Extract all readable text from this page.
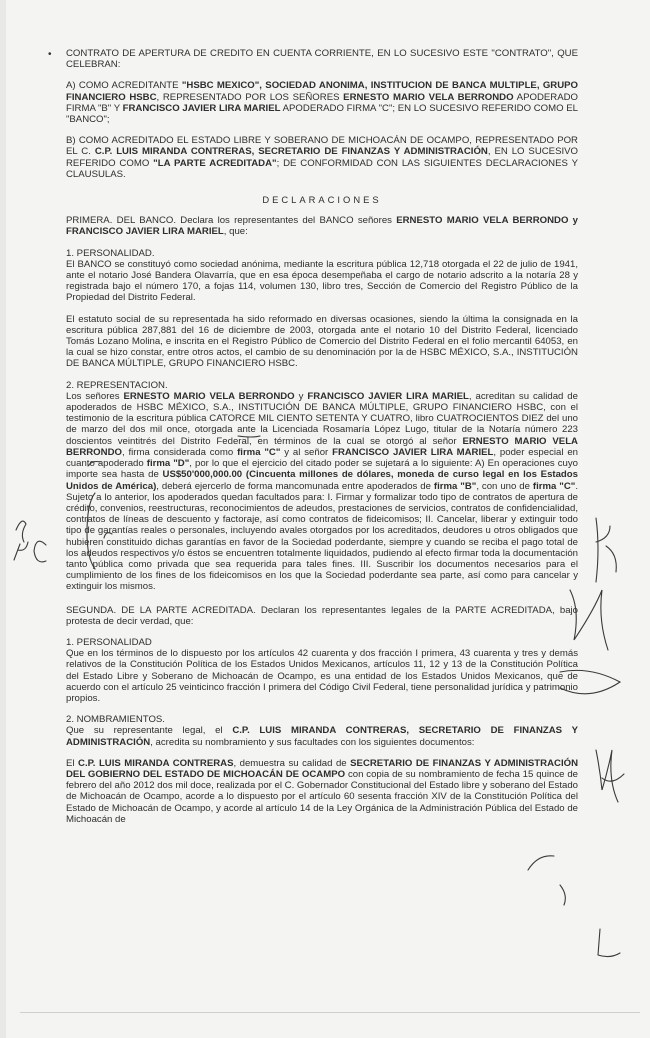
• CONTRATO DE APERTURA DE CREDITO EN CUENTA CORRIENTE, EN LO SUCESIVO ESTE "CONTRATO", QUE CELEBRAN:

A) COMO ACREDITANTE "HSBC MEXICO", SOCIEDAD ANONIMA, INSTITUCION DE BANCA MULTIPLE, GRUPO FINANCIERO HSBC, REPRESENTADO POR LOS SEÑORES ERNESTO MARIO VELA BERRONDO APODERADO FIRMA "B" Y FRANCISCO JAVIER LIRA MARIEL APODERADO FIRMA "C"; EN LO SUCESIVO REFERIDO COMO EL "BANCO";

B) COMO ACREDITADO EL ESTADO LIBRE Y SOBERANO DE MICHOACÁN DE OCAMPO, REPRESENTADO POR EL C. C.P. LUIS MIRANDA CONTRERAS, SECRETARIO DE FINANZAS Y ADMINISTRACIÓN, EN LO SUCESIVO REFERIDO COMO "LA PARTE ACREDITADA"; DE CONFORMIDAD CON LAS SIGUIENTES DECLARACIONES Y CLAUSULAS.

DECLARACIONES

PRIMERA. DEL BANCO. Declara los representantes del BANCO señores ERNESTO MARIO VELA BERRONDO y FRANCISCO JAVIER LIRA MARIEL, que:

1. PERSONALIDAD.

El BANCO se constituyó como sociedad anónima, mediante la escritura pública 12,718 otorgada el 22 de julio de 1941, ante el notario José Bandera Olavarría, que en esa época desempeñaba el cargo de notario adscrito a la notaría 28 y registrada bajo el número 170, a fojas 114, volumen 130, libro tres, Sección de Comercio del Registro Público de la Propiedad del Distrito Federal.

El estatuto social de su representada ha sido reformado en diversas ocasiones, siendo la última la consignada en la escritura pública 287,881 del 16 de diciembre de 2003, otorgada ante el notario 10 del Distrito Federal, licenciado Tomás Lozano Molina, e inscrita en el Registro Público de Comercio del Distrito Federal en el folio mercantil 64053, en la cual se hizo constar, entre otros actos, el cambio de su denominación por la de HSBC MÉXICO, S.A., INSTITUCIÓN DE BANCA MÚLTIPLE, GRUPO FINANCIERO HSBC.

2. REPRESENTACION.

Los señores ERNESTO MARIO VELA BERRONDO y FRANCISCO JAVIER LIRA MARIEL, acreditan su calidad de apoderados de HSBC MÉXICO, S.A., INSTITUCIÓN DE BANCA MÚLTIPLE, GRUPO FINANCIERO HSBC, con el testimonio de la escritura pública CATORCE MIL CIENTO SETENTA Y CUATRO, libro CUATROCIENTOS DIEZ del uno de marzo del dos mil once, otorgada ante la Licenciada Rosamaría López Lugo, titular de la Notaría número 223 doscientos veintitrés del Distrito Federal, en términos de la cual se otorgó al señor ERNESTO MARIO VELA BERRONDO, firma considerada como firma "C" y al señor FRANCISCO JAVIER LIRA MARIEL, poder especial en cuanto apoderado firma "D", por lo que el ejercicio del citado poder se sujetará a lo siguiente: A) En operaciones cuyo importe sea hasta de US$50'000,000.00 (Cincuenta millones de dólares, moneda de curso legal en los Estados Unidos de América), deberá ejercerlo de forma mancomunada entre apoderados de firma "B", con uno de firma "C". Sujeto a lo anterior, los apoderados quedan facultados para: I. Firmar y formalizar todo tipo de contratos de apertura de crédito, convenios, reestructuras, reconocimientos de adeudos, prestaciones de servicios, contratos de confidencialidad, contratos de líneas de descuento y factoraje, así como contratos de fideicomisos; II. Cancelar, liberar y extinguir todo tipo de garantías reales o personales, incluyendo avales otorgados por los acreditados, deudores u otros obligados que hubieren constituido dichas garantías en favor de la Sociedad poderdante, siempre y cuando se reciba el pago total de los adeudos respectivos y/o éstos se encuentren totalmente liquidados, pudiendo al efecto firmar toda la documentación tanto pública como privada que sea requerida para tales fines. III. Suscribir los documentos necesarios para el cumplimiento de los fines de los fideicomisos en los que la Sociedad poderdante sea parte, así como para cancelar y extinguir los mismos.

SEGUNDA. DE LA PARTE ACREDITADA. Declaran los representantes legales de la PARTE ACREDITADA, bajo protesta de decir verdad, que:

1. PERSONALIDAD

Que en los términos de lo dispuesto por los artículos 42 cuarenta y dos fracción I primera, 43 cuarenta y tres y demás relativos de la Constitución Política de los Estados Unidos Mexicanos, artículos 11, 12 y 13 de la Constitución Política del Estado Libre y Soberano de Michoacán de Ocampo, es una entidad de los Estados Unidos Mexicanos, que de acuerdo con el artículo 25 veinticinco fracción I primera del Código Civil Federal, tiene personalidad jurídica y patrimonio propios.

2. NOMBRAMIENTOS.

Que su representante legal, el C.P. LUIS MIRANDA CONTRERAS, SECRETARIO DE FINANZAS Y ADMINISTRACIÓN, acredita su nombramiento y sus facultades con los siguientes documentos:

El C.P. LUIS MIRANDA CONTRERAS, demuestra su calidad de SECRETARIO DE FINANZAS Y ADMINISTRACIÓN DEL GOBIERNO DEL ESTADO DE MICHOACÁN DE OCAMPO con copia de su nombramiento de fecha 15 quince de febrero del año 2012 dos mil doce, realizada por el C. Gobernador Constitucional del Estado libre y soberano del Estado de Michoacán de Ocampo, acorde a lo dispuesto por el artículo 60 sesenta fracción XIV de la Constitución Política del Estado de Michoacán de Ocampo, y acorde al artículo 14 de la Ley Orgánica de la Administración Pública del Estado de Michoacán de
